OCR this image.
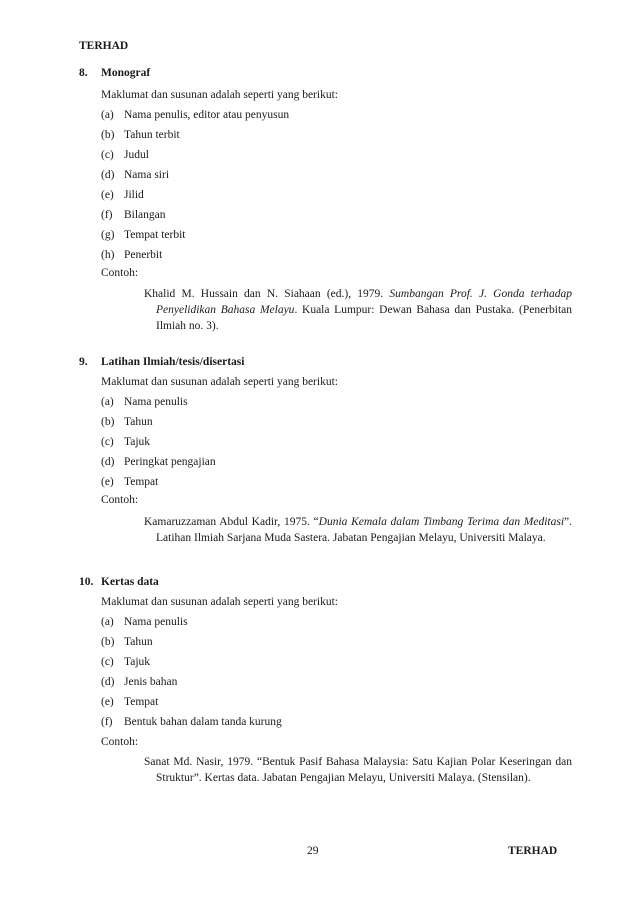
TERHAD
8. Monograf
Maklumat dan susunan adalah seperti yang berikut:
(a) Nama penulis, editor atau penyusun
(b) Tahun terbit
(c) Judul
(d) Nama siri
(e) Jilid
(f) Bilangan
(g) Tempat terbit
(h) Penerbit
Contoh:
Khalid M. Hussain dan N. Siahaan (ed.), 1979. Sumbangan Prof. J. Gonda terhadap Penyelidikan Bahasa Melayu. Kuala Lumpur: Dewan Bahasa dan Pustaka. (Penerbitan Ilmiah no. 3).
9. Latihan Ilmiah/tesis/disertasi
Maklumat dan susunan adalah seperti yang berikut:
(a) Nama penulis
(b) Tahun
(c) Tajuk
(d) Peringkat pengajian
(e) Tempat
Contoh:
Kamaruzzaman Abdul Kadir, 1975. “Dunia Kemala dalam Timbang Terima dan Meditasi”. Latihan Ilmiah Sarjana Muda Sastera. Jabatan Pengajian Melayu, Universiti Malaya.
10. Kertas data
Maklumat dan susunan adalah seperti yang berikut:
(a) Nama penulis
(b) Tahun
(c) Tajuk
(d) Jenis bahan
(e) Tempat
(f) Bentuk bahan dalam tanda kurung
Contoh:
Sanat Md. Nasir, 1979. “Bentuk Pasif Bahasa Malaysia: Satu Kajian Polar Keseringan dan Struktur”. Kertas data. Jabatan Pengajian Melayu, Universiti Malaya. (Stensilan).
29	TERHAD
